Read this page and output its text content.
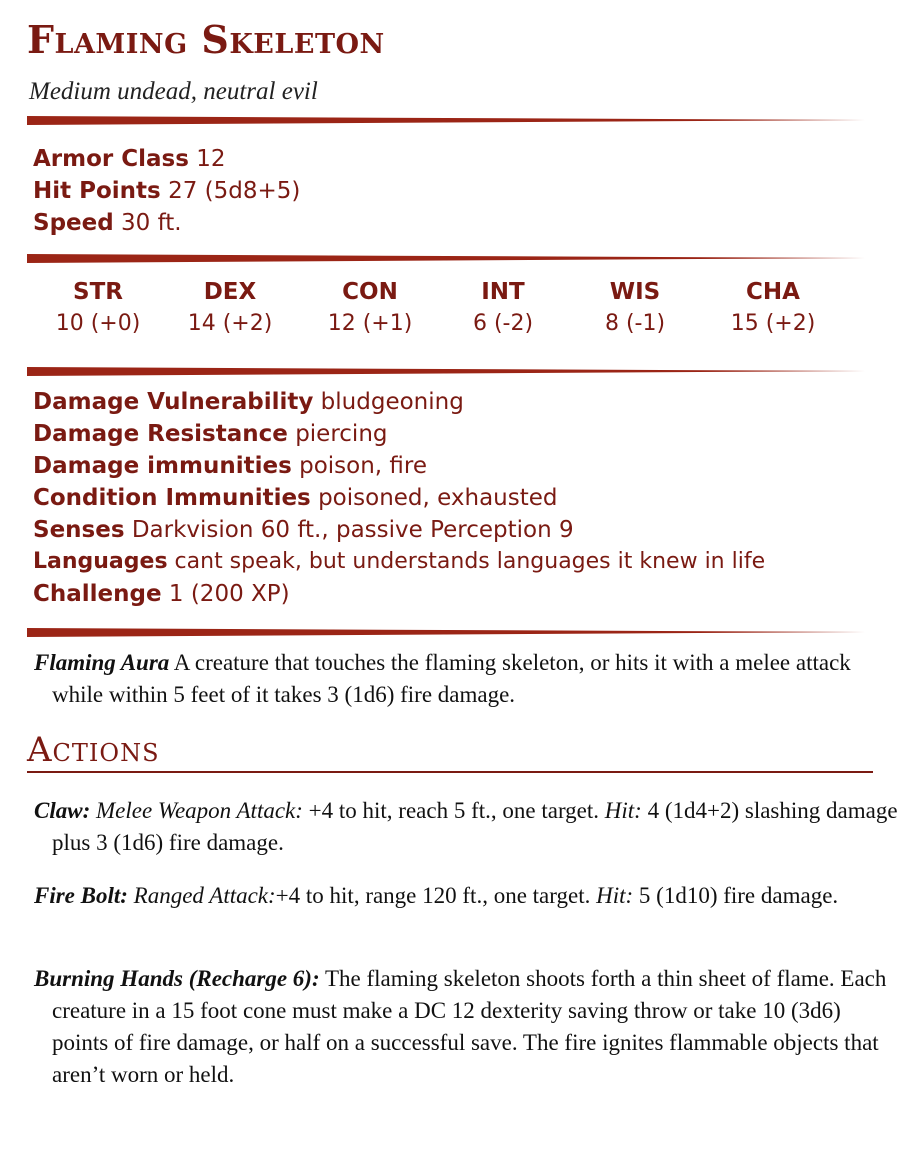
Flaming Skeleton
Medium undead, neutral evil
Armor Class 12
Hit Points 27 (5d8+5)
Speed 30 ft.
STR
10 (+0)
DEX
14 (+2)
CON
12 (+1)
INT
6 (-2)
WIS
8 (-1)
CHA
15 (+2)
Damage Vulnerability bludgeoning
Damage Resistance piercing
Damage immunities poison, fire
Condition Immunities poisoned, exhausted
Senses Darkvision 60 ft., passive Perception 9
Languages cant speak, but understands languages it knew in life
Challenge 1 (200 XP)
Flaming Aura A creature that touches the flaming skeleton, or hits it with a melee attack while within 5 feet of it takes 3 (1d6) fire damage.
Actions
Claw: Melee Weapon Attack: +4 to hit, reach 5 ft., one target. Hit: 4 (1d4+2) slashing damage plus 3 (1d6) fire damage.
Fire Bolt: Ranged Attack:+4 to hit, range 120 ft., one target. Hit: 5 (1d10) fire damage.
Burning Hands (Recharge 6): The flaming skeleton shoots forth a thin sheet of flame. Each creature in a 15 foot cone must make a DC 12 dexterity saving throw or take 10 (3d6) points of fire damage, or half on a successful save. The fire ignites flammable objects that aren’t worn or held.
